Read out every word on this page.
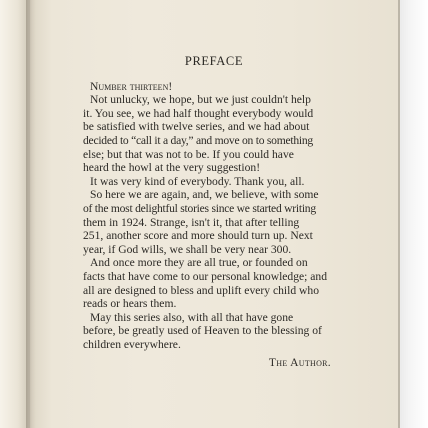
PREFACE

Number thirteen!

Not unlucky, we hope, but we just couldn't help
it. You see, we had half thought everybody would
be satisfied with twelve series, and we had about
decided to “call it a day,” and move on to something
else; but that was not to be. If you could have
heard the howl at the very suggestion!

It was very kind of everybody. Thank you, all.

So here we are again, and, we believe, with some
of the most delightful stories since we started writing
them in 1924. Strange, isn't it, that after telling
251, another score and more should turn up. Next
year, if God wills, we shall be very near 300.

And once more they are all true, or founded on
facts that have come to our personal knowledge; and
all are designed to bless and uplift every child who
reads or hears them.

May this series also, with all that have gone
before, be greatly used of Heaven to the blessing of
children everywhere.

The Author.
